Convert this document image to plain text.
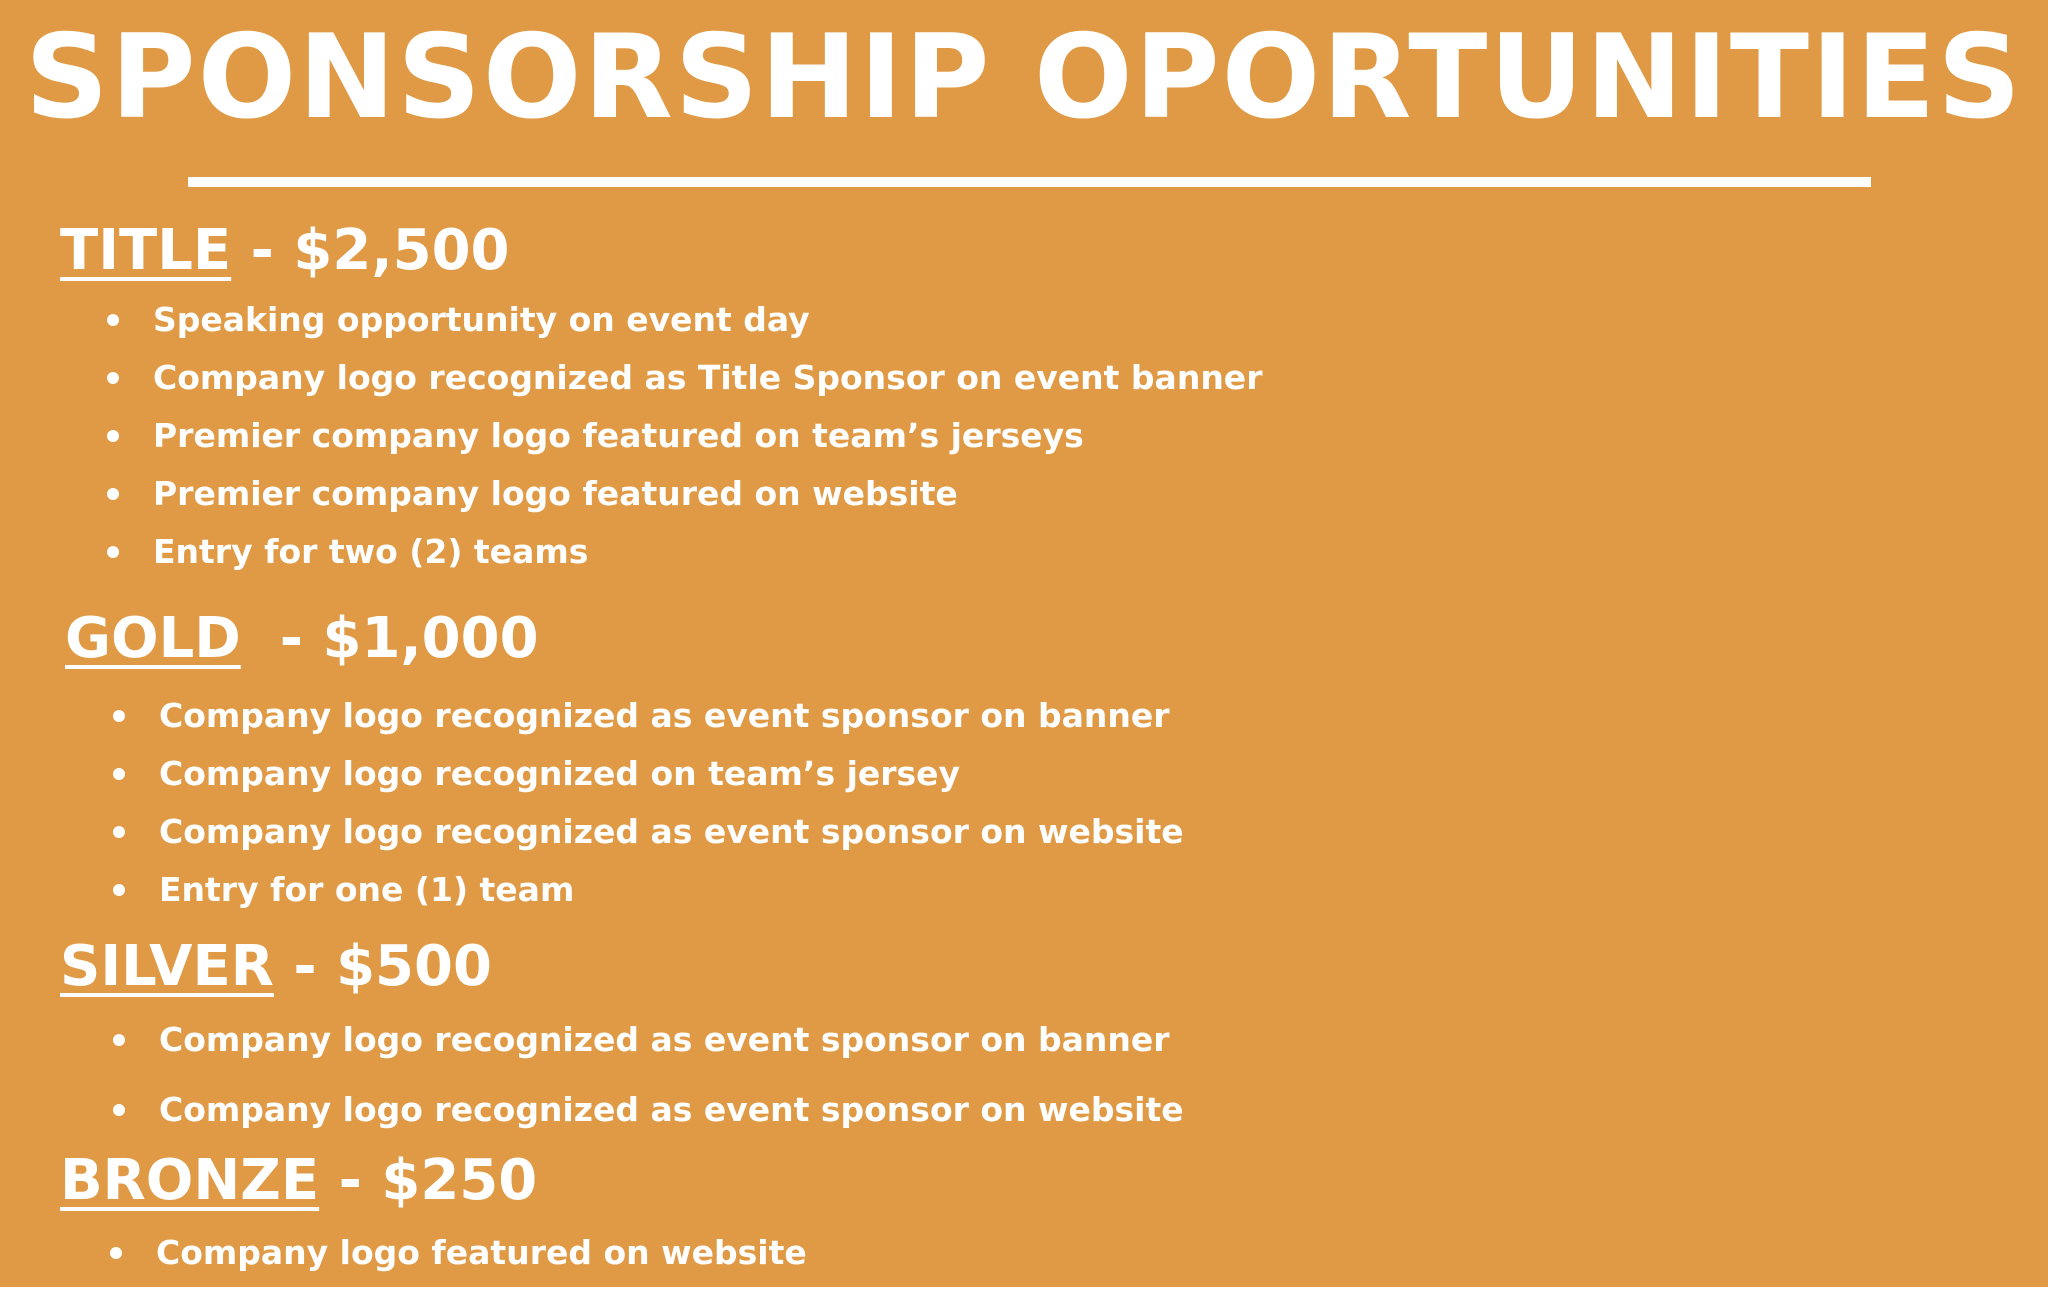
SPONSORSHIP OPORTUNITIES
TITLE - $2,500
Speaking opportunity on event day
Company logo recognized as Title Sponsor on event banner
Premier company logo featured on team’s jerseys
Premier company logo featured on website
Entry for two (2) teams
GOLD  - $1,000
Company logo recognized as event sponsor on banner
Company logo recognized on team’s jersey
Company logo recognized as event sponsor on website
Entry for one (1) team
SILVER - $500
Company logo recognized as event sponsor on banner
Company logo recognized as event sponsor on website
BRONZE - $250
Company logo featured on website
